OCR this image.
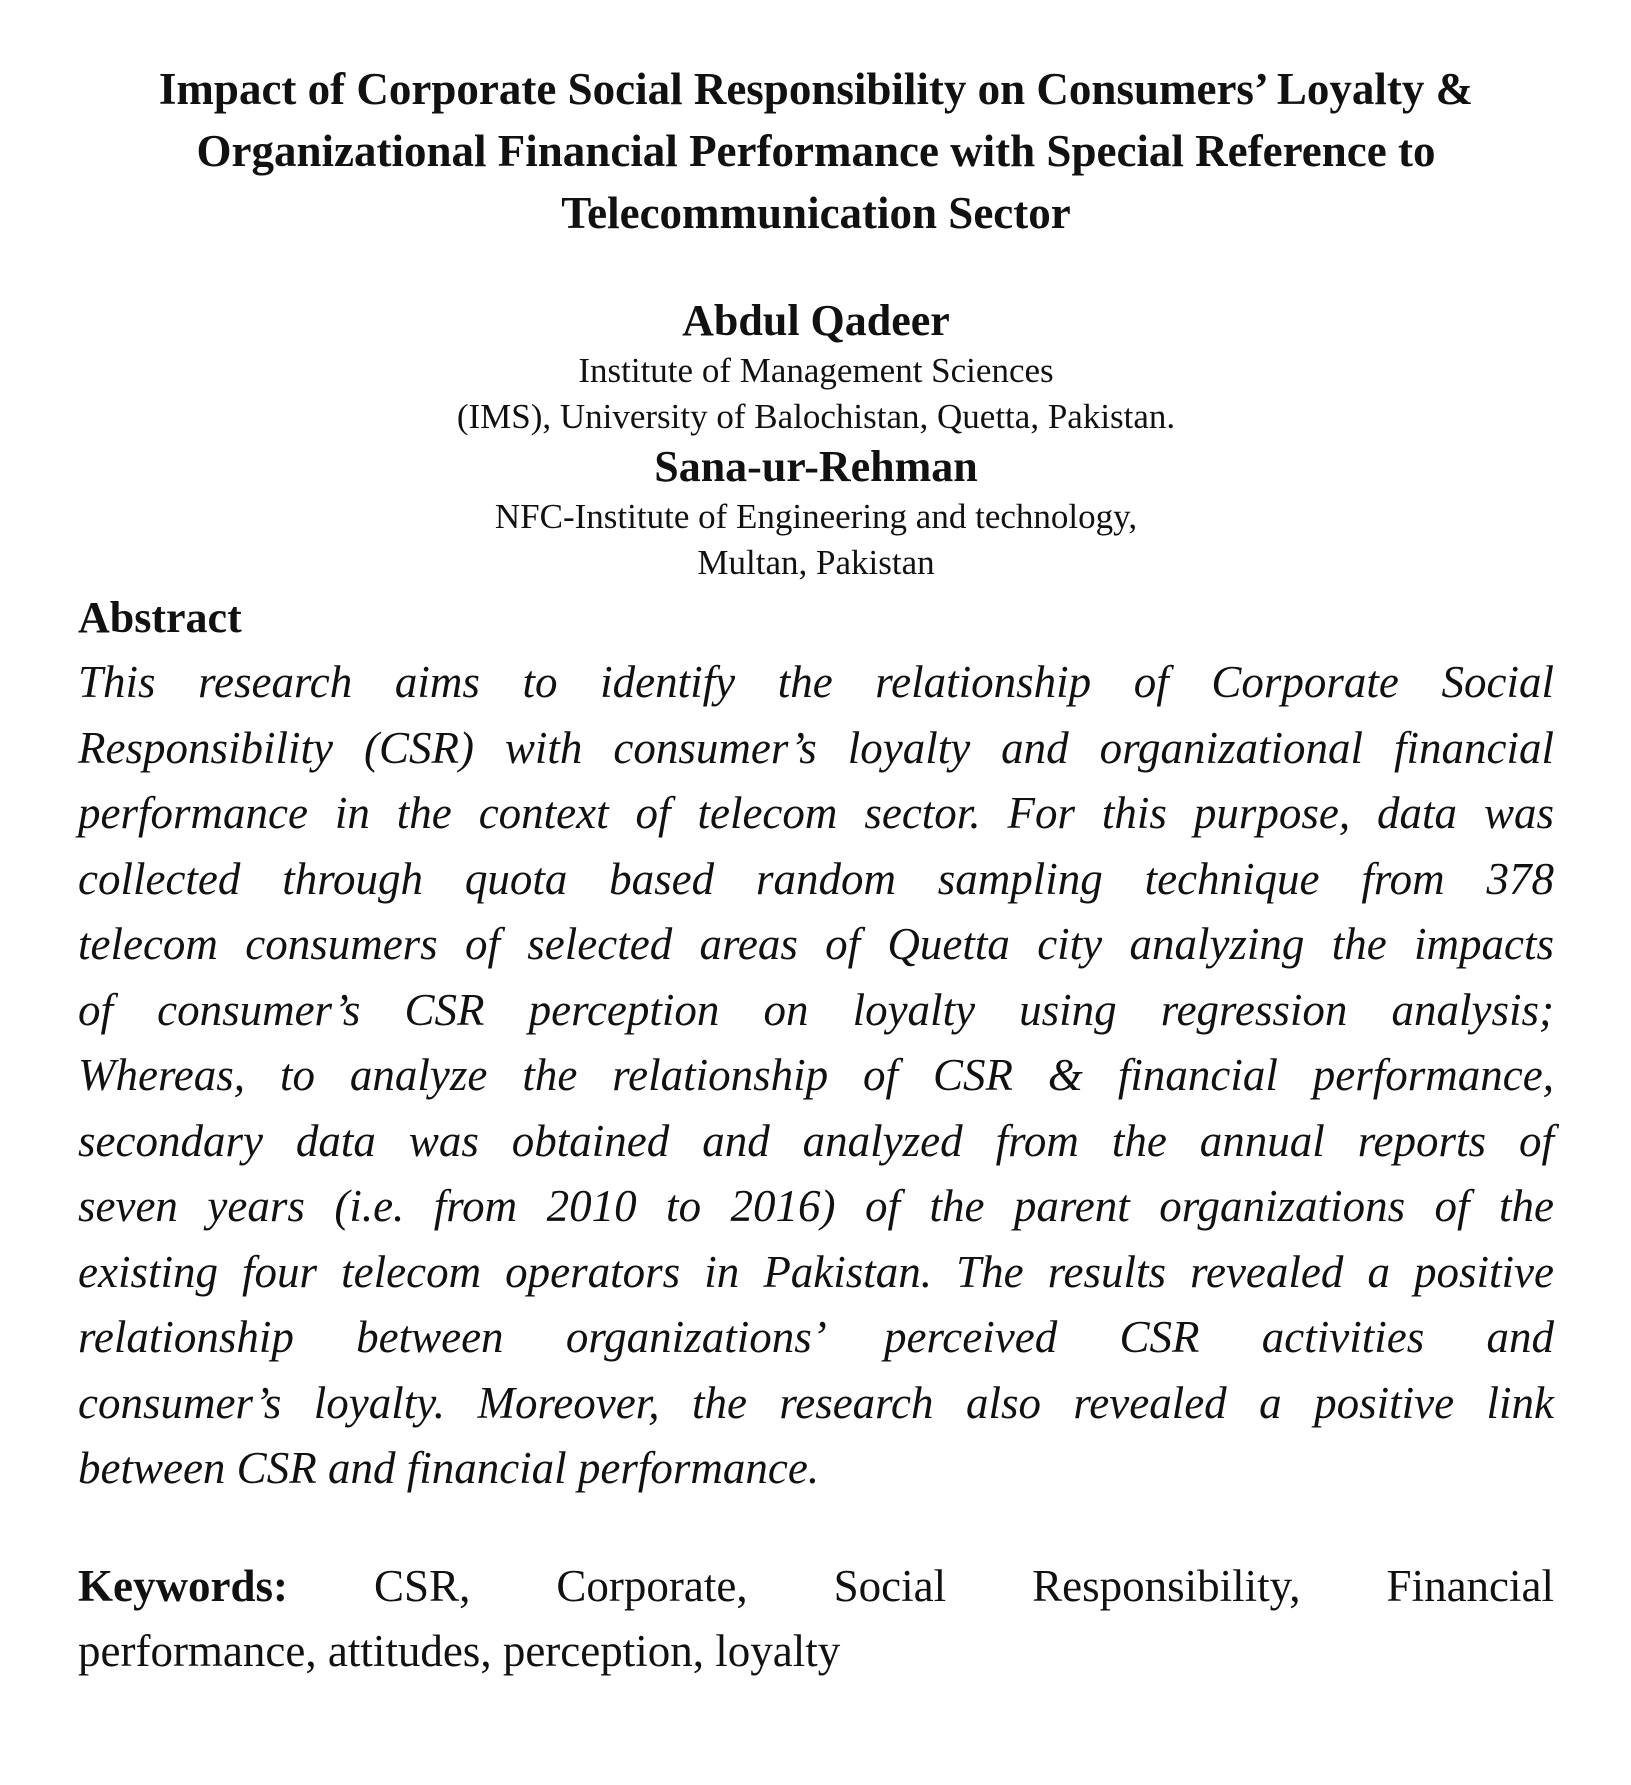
Impact of Corporate Social Responsibility on Consumers’ Loyalty &
Organizational Financial Performance with Special Reference to
Telecommunication Sector
Abdul Qadeer
Institute of Management Sciences
(IMS), University of Balochistan, Quetta, Pakistan.
Sana-ur-Rehman
NFC-Institute of Engineering and technology,
Multan, Pakistan
Abstract
This research aims to identify the relationship of Corporate Social
Responsibility (CSR) with consumer’s loyalty and organizational financial
performance in the context of telecom sector. For this purpose, data was
collected through quota based random sampling technique from 378
telecom consumers of selected areas of Quetta city analyzing the impacts
of consumer’s CSR perception on loyalty using regression analysis;
Whereas, to analyze the relationship of CSR & financial performance,
secondary data was obtained and analyzed from the annual reports of
seven years (i.e. from 2010 to 2016) of the parent organizations of the
existing four telecom operators in Pakistan. The results revealed a positive
relationship between organizations’ perceived CSR activities and
consumer’s loyalty. Moreover, the research also revealed a positive link
between CSR and financial performance.
Keywords: CSR, Corporate, Social Responsibility, Financial
performance, attitudes, perception, loyalty
